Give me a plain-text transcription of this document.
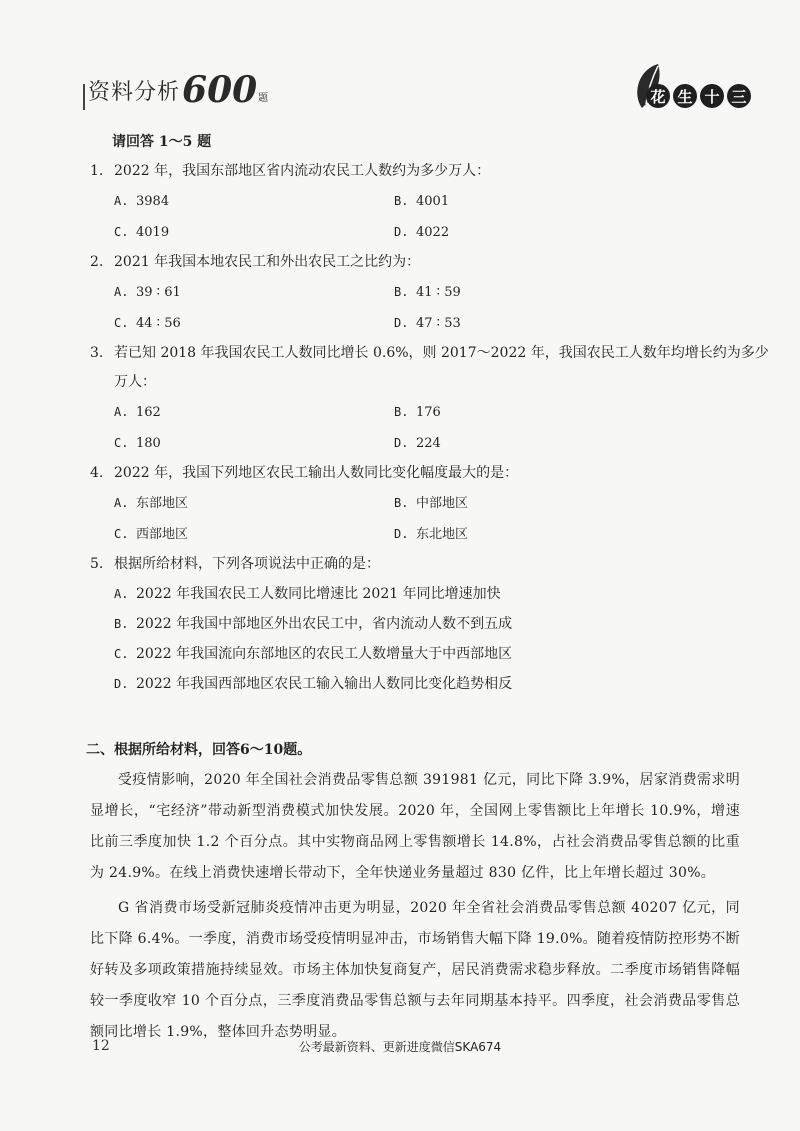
资料分析 600 题	花 生 十 三
请回答 1～5 题
1. 2022 年，我国东部地区省内流动农民工人数约为多少万人：
A. 3984	B. 4001
C. 4019	D. 4022
2. 2021 年我国本地农民工和外出农民工之比约为：
A. 39 ∶ 61	B. 41 ∶ 59
C. 44 ∶ 56	D. 47 ∶ 53
3. 若已知 2018 年我国农民工人数同比增长 0.6%，则 2017～2022 年，我国农民工人数年均增长约为多少
万人：
A. 162	B. 176
C. 180	D. 224
4. 2022 年，我国下列地区农民工输出人数同比变化幅度最大的是：
A. 东部地区	B. 中部地区
C. 西部地区	D. 东北地区
5. 根据所给材料，下列各项说法中正确的是：
A. 2022 年我国农民工人数同比增速比 2021 年同比增速加快
B. 2022 年我国中部地区外出农民工中，省内流动人数不到五成
C. 2022 年我国流向东部地区的农民工人数增量大于中西部地区
D. 2022 年我国西部地区农民工输入输出人数同比变化趋势相反
二、根据所给材料，回答6～10题。

受疫情影响，2020 年全国社会消费品零售总额 391981 亿元，同比下降 3.9%，居家消费需求明显增长，“宅经济”带动新型消费模式加快发展。2020 年，全国网上零售额比上年增长 10.9%，增速比前三季度加快 1.2 个百分点。其中实物商品网上零售额增长 14.8%，占社会消费品零售总额的比重为 24.9%。在线上消费快速增长带动下，全年快递业务量超过 830 亿件，比上年增长超过 30%。

G 省消费市场受新冠肺炎疫情冲击更为明显，2020 年全省社会消费品零售总额 40207 亿元，同比下降 6.4%。一季度，消费市场受疫情明显冲击，市场销售大幅下降 19.0%。随着疫情防控形势不断好转及多项政策措施持续显效。市场主体加快复商复产，居民消费需求稳步释放。二季度市场销售降幅较一季度收窄 10 个百分点，三季度消费品零售总额与去年同期基本持平。四季度，社会消费品零售总额同比增长 1.9%，整体回升态势明显。

12	公考最新资料、更新进度微信SKA674
